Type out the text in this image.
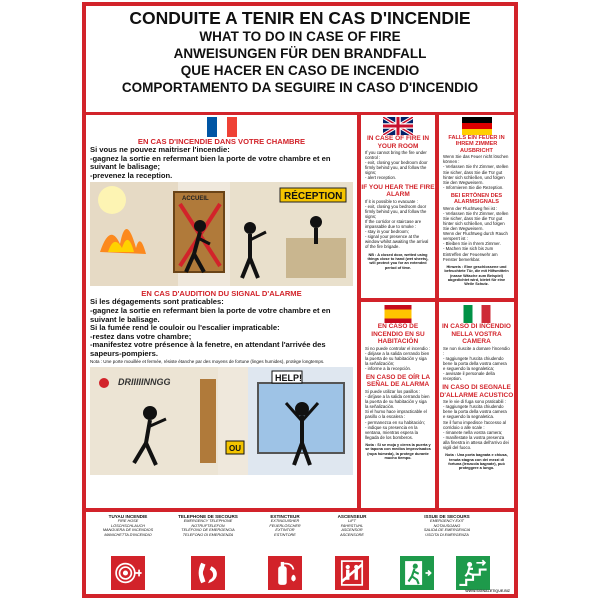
CONDUITE A TENIR EN CAS D'INCENDIE
WHAT TO DO IN CASE OF FIRE
ANWEISUNGEN FÜR DEN BRANDFALL
QUE HACER EN CASO DE INCENDIO
COMPORTAMENTO DA SEGUIRE IN CASO D'INCENDIO
EN CAS D'INCENDIE DANS VOTRE CHAMBRE
Si vous ne pouvez maitriser l'incendie:
-gagnez la sortie en refermant bien la porte de votre chambre et en suivant le balisage;
-prevenez la reception.
ACCUEIL	RÉCEPTION
EN CAS D'AUDITION DU SIGNAL D'ALARME
Si les dégagements sont praticables:
-gagnez la sortie en refermant bien la porte de votre chambre et en suivant le balisage.
Si la fumée rend le couloir ou l'escalier impraticable:
-restez dans votre chambre;
-manifestez votre présence à la fenetre, en attendant l'arrivée des sapeurs-pompiers.
Nota : Une porte mouillée et fermée, résiste étanche par des moyens de fortune (linges humides), protège longtemps.
DRIIIIINNGG
OU
HELP!
IN CASE OF FIRE IN YOUR ROOM
If you cannot bring the fire under control :
- exit, closing your bedroom door firmly behind you, and follow the signs;
- alert reception.
IF YOU HEAR THE FIRE ALARM
If it is possible to evacuate :
- exit, closing you bedroom door firmly behind you, and follow the signs;
If the corridor or staircase are impassable due to smoke :
- stay in your bedroom;
- signal your presence at the window whilst awaiting the arrival of the fire brigade.
NB : A closed door, wetted using things close to hand (wet sheets), will protect you for an extended period of time.
FALLS EIN FEUER IN IHREM ZIMMER AUSBRICHT
Wenn Sie das Feuer nicht löschen können :
- Verlassen Sie Ihr Zimmer, stellen Sie sicher, dass Sie die Tür gut hinter sich schließen, und folgen Sie den Wegweisern.
- Informieren Sie die Rezeption.
BEI ERTÖNEN DES ALARMSIGNALS
Wenn der Fluchtweg frei ist :
- Verlassen Sie Ihr Zimmer, stellen Sie sicher, dass Sie die Tür gut hinter sich schließen, und folgen Sie den Wegweisern.
Wenn der Fluchtweg durch Rauch versperrt ist :
- Bleiben Sie in Ihrem Zimmer.
- Machen Sie sich bis zum Eintreffen der Feuerwehr am Fenster bemerkbar.
Hinweis : Eine geschlossene und befeuchtete Tür, die mit Hilfsmitteln (nasse Wäsche zum Beispiel) abgedichtet wird, bietet für eine Weile Schutz.
EN CASO DE INCENDIO EN SU HABITACIÓN
Si no puede controlar el incendio :
- dirijase a la salida cerrando bien la puerta de su habitación y siga la señalización;
- informe a la recepción.
EN CASO DE OÍR LA SEÑAL DE ALARMA
Si puede utilizar los pasillos :
- diríjase a la salida cerrando bien la puerta de su habitación y siga la señalización.
Si el humo hace impracticable el pasillo o la escalera :
- permanezca en su habitación;
- indique su presencia en la ventana, mientras espera la llegada de los bomberos.
Nota : Si se moja y cierra la puerta y se tapona con medios improvisados (ropa húmeda), la protege durante mucho tiempo.
IN CASO DI INCENDIO NELLA VOSTRA CAMERA
Se non riuscite a domare l'incendio :
- raggiungete l'uscita chiudendo bene la porta della vostra camera e seguendo la segnaletica;
- avvisate il personale della reception.
IN CASO DI SEGNALE D'ALLARME ACUSTICO
Se le vie di fuga sono praticabili :
- raggiungete l'uscita chiudendo bene la porta della vostra camera e seguendo la segnaletica.
Se il fumo impedisce l'accesso al corridoio o alle scale :
- rimanete nella vostra camera;
- manifestate la vostra presenza alla finestra in attesa dell'arrivo dei vigili del fuoco.
Nota : Una porta bagnata e chiusa, tenuta stagna con dei mezzi di fortuna (lenzuola bagnate), può proteggere a lungo.
TUYAU INCENDIE
FIRE HOSE
LÖSCHSCHLAUCH
MANGUERA DE INCENDIOS
MANICHETTA D'INCENDIO
TELEPHONE DE SECOURS
EMERGENCY TELEPHONE
NOTRUFTELEFON
TELÉFONO DE EMERGENCIA
TELEFONO DI EMERGENZA
EXTINCTEUR
EXTINGUISHER
FEUERLÖSCHER
EXTINTOR
ESTINTORE
ASCENSEUR
LIFT
FAHRSTUHL
ASCENSOR
ASCENSORE
ISSUE DE SECOURS
EMERGENCY EXIT
NOTAUSGANG
SALIDA DE EMERGENCIA
USCITA DI EMERGENZA
WWW.SIGNALETIQUE.BIZ
